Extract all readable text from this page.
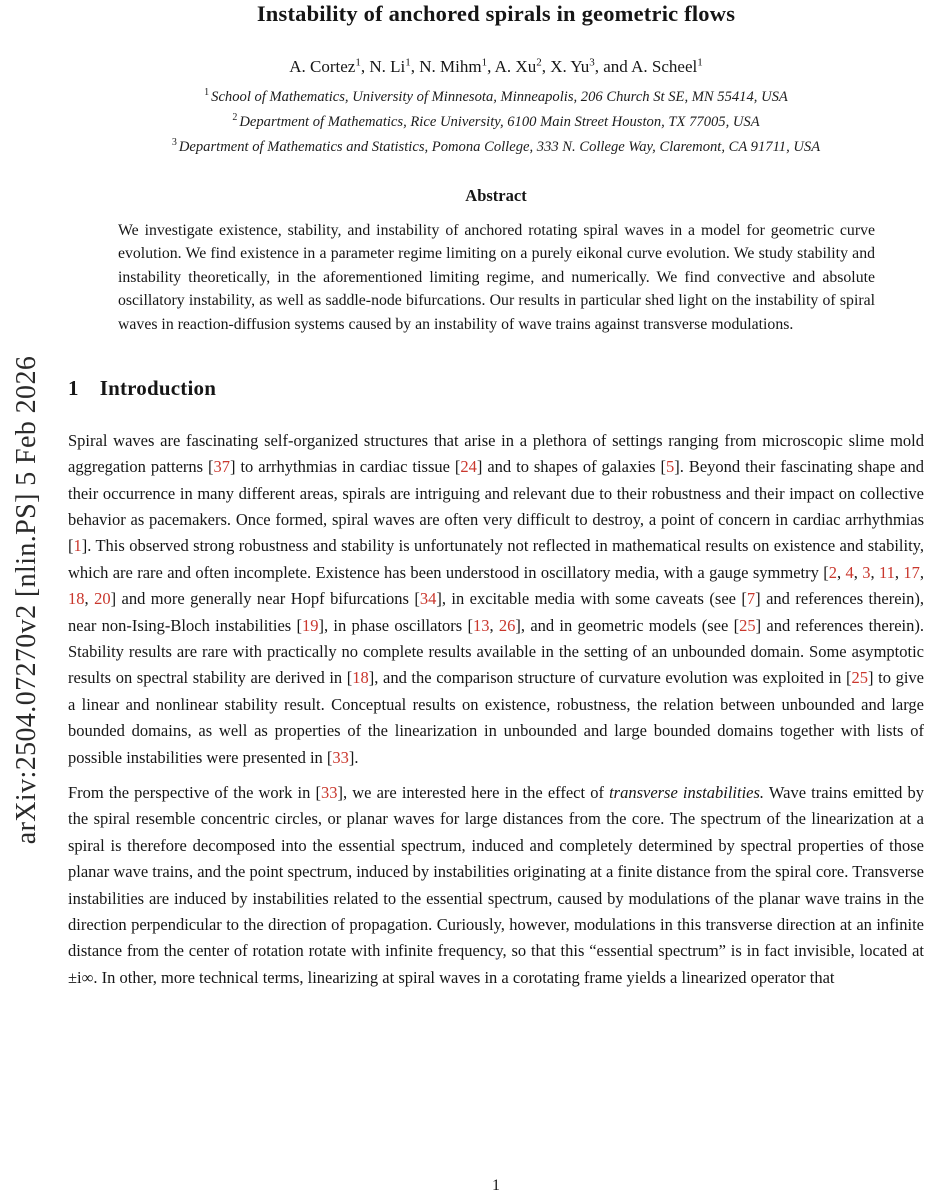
arXiv:2504.07270v2 [nlin.PS] 5 Feb 2026
Instability of anchored spirals in geometric flows
A. Cortez$^1$, N. Li$^1$, N. Mihm$^1$, A. Xu$^2$, X. Yu$^3$, and A. Scheel$^1$
$^1$ School of Mathematics, University of Minnesota, Minneapolis, 206 Church St SE, MN 55414, USA
$^2$ Department of Mathematics, Rice University, 6100 Main Street Houston, TX 77005, USA
$^3$ Department of Mathematics and Statistics, Pomona College, 333 N. College Way, Claremont, CA 91711, USA
Abstract

We investigate existence, stability, and instability of anchored rotating spiral waves in a model for geometric curve evolution. We find existence in a parameter regime limiting on a purely eikonal curve evolution. We study stability and instability theoretically, in the aforementioned limiting regime, and numerically. We find convective and absolute oscillatory instability, as well as saddle-node bifurcations. Our results in particular shed light on the instability of spiral waves in reaction-diffusion systems caused by an instability of wave trains against transverse modulations.

1 Introduction

Spiral waves are fascinating self-organized structures that arise in a plethora of settings ranging from microscopic slime mold aggregation patterns [37] to arrhythmias in cardiac tissue [24] and to shapes of galaxies [5]. Beyond their fascinating shape and their occurrence in many different areas, spirals are intriguing and relevant due to their robustness and their impact on collective behavior as pacemakers. Once formed, spiral waves are often very difficult to destroy, a point of concern in cardiac arrhythmias [1]. This observed strong robustness and stability is unfortunately not reflected in mathematical results on existence and stability, which are rare and often incomplete. Existence has been understood in oscillatory media, with a gauge symmetry [2, 4, 3, 11, 17, 18, 20] and more generally near Hopf bifurcations [34], in excitable media with some caveats (see [7] and references therein), near non-Ising-Bloch instabilities [19], in phase oscillators [13, 26], and in geometric models (see [25] and references therein). Stability results are rare with practically no complete results available in the setting of an unbounded domain. Some asymptotic results on spectral stability are derived in [18], and the comparison structure of curvature evolution was exploited in [25] to give a linear and nonlinear stability result. Conceptual results on existence, robustness, the relation between unbounded and large bounded domains, as well as properties of the linearization in unbounded and large bounded domains together with lists of possible instabilities were presented in [33].

From the perspective of the work in [33], we are interested here in the effect of transverse instabilities. Wave trains emitted by the spiral resemble concentric circles, or planar waves for large distances from the core. The spectrum of the linearization at a spiral is therefore decomposed into the essential spectrum, induced and completely determined by spectral properties of those planar wave trains, and the point spectrum, induced by instabilities originating at a finite distance from the spiral core. Transverse instabilities are induced by instabilities related to the essential spectrum, caused by modulations of the planar wave trains in the direction perpendicular to the direction of propagation. Curiously, however, modulations in this transverse direction at an infinite distance from the center of rotation rotate with infinite frequency, so that this “essential spectrum” is in fact invisible, located at ±i∞. In other, more technical terms, linearizing at spiral waves in a corotating frame yields a linearized operator that

1
